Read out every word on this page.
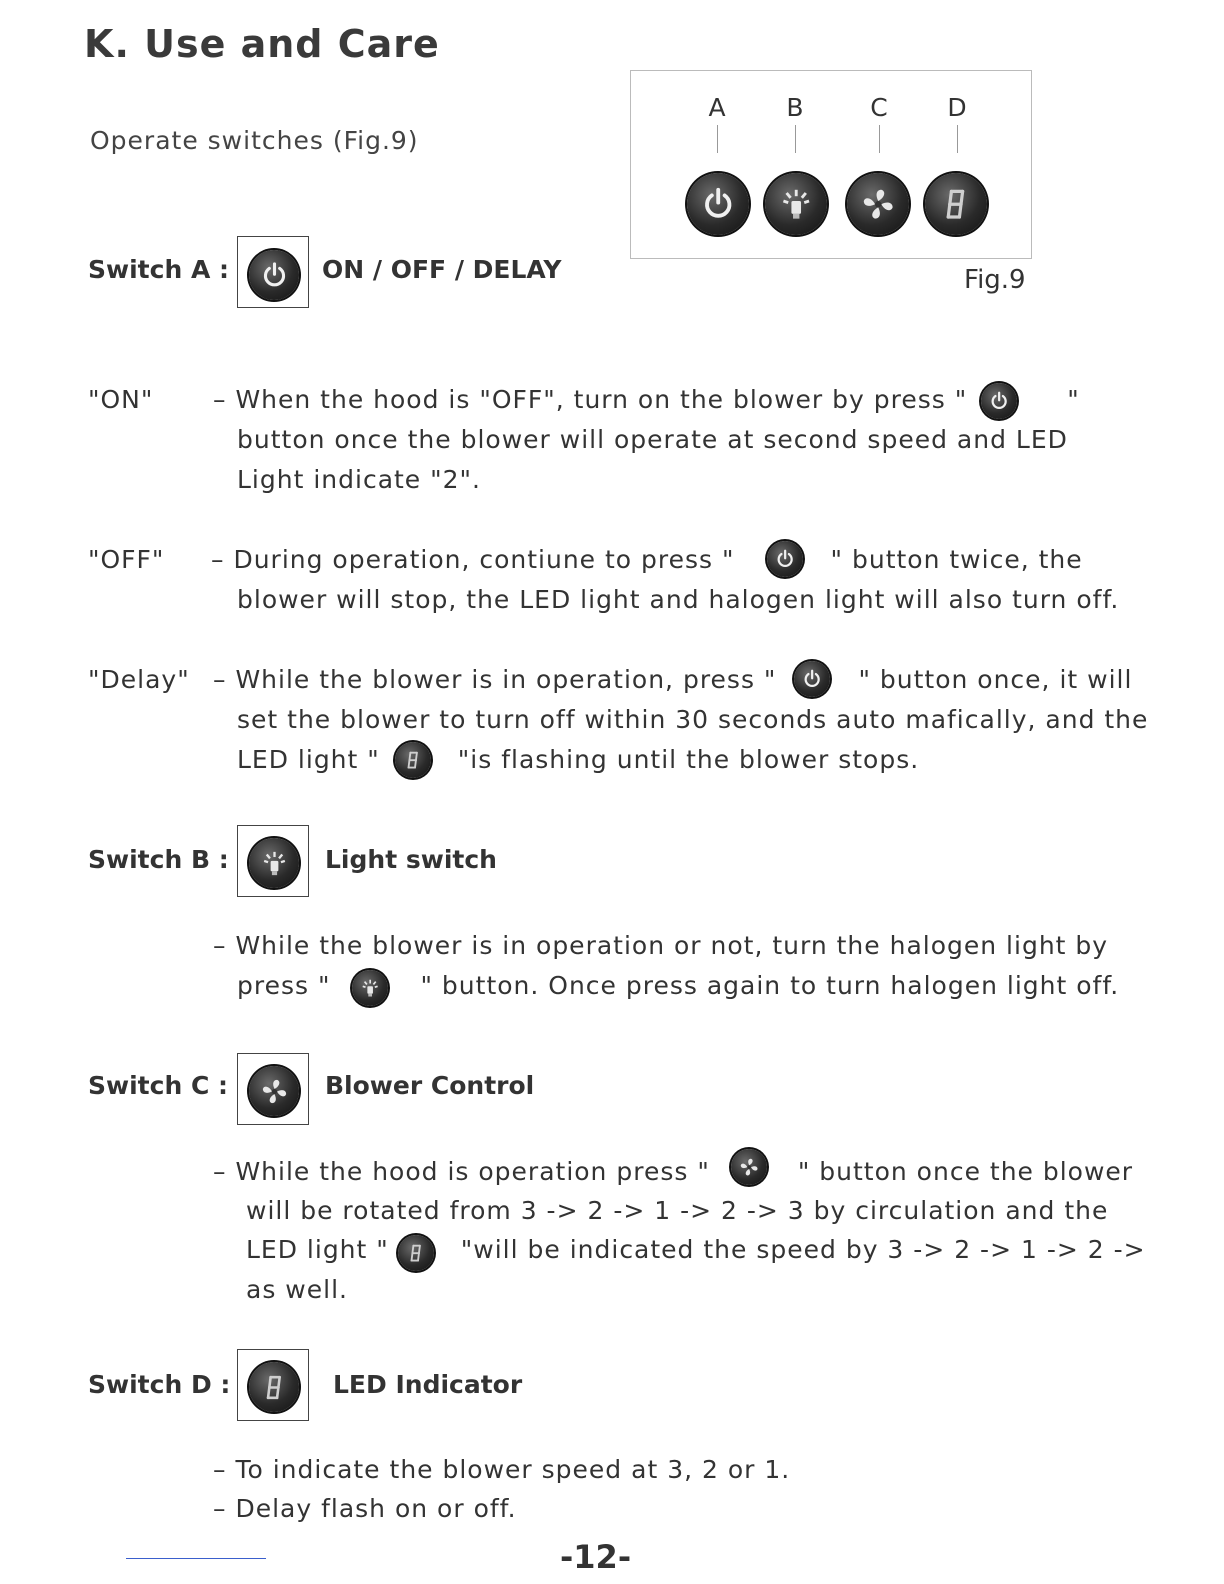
K. Use and Care
Operate switches (Fig.9)
A	B	C	D
Fig.9
Switch A :	ON / OFF / DELAY
"ON" – When the hood is "OFF", turn on the blower by press "	"
button once the blower will operate at second speed and LED
Light indicate "2".
"OFF" – During operation, contiune to press "	" button twice, the
blower will stop, the LED light and halogen light will also turn off.
"Delay" – While the blower is in operation, press "	" button once, it will
set the blower to turn off within 30 seconds auto mafically, and the
LED light "	"is flashing until the blower stops.
Switch B :	Light switch
– While the blower is in operation or not, turn the halogen light by
press "	" button. Once press again to turn halogen light off.
Switch C :	Blower Control
– While the hood is operation press "	" button once the blower
will be rotated from 3 -> 2 -> 1 -> 2 -> 3 by circulation and the
LED light "	"will be indicated the speed by 3 -> 2 -> 1 -> 2 ->
as well.
Switch D :	LED Indicator
– To indicate the blower speed at 3, 2 or 1.
– Delay flash on or off.
-12-
